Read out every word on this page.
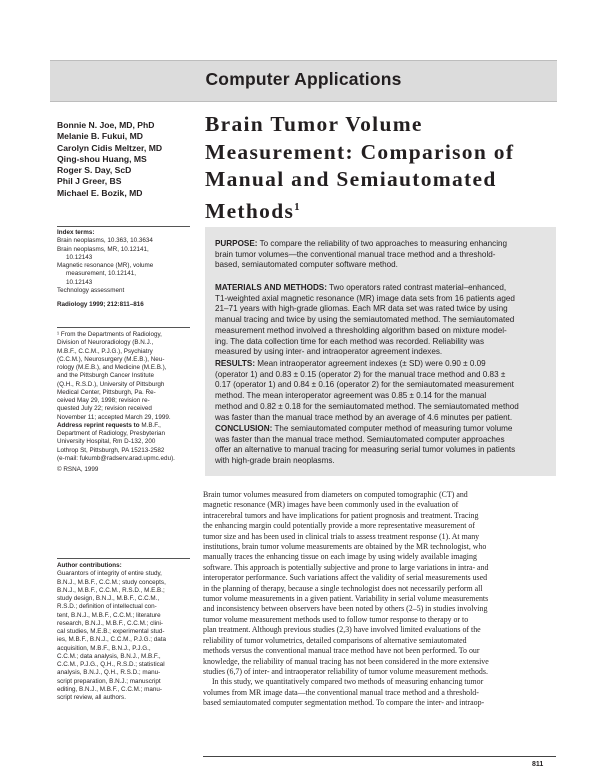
Computer Applications
Bonnie N. Joe, MD, PhD
Melanie B. Fukui, MD
Carolyn Cidis Meltzer, MD
Qing-shou Huang, MS
Roger S. Day, ScD
Phil J Greer, BS
Michael E. Bozik, MD
Brain Tumor Volume
Measurement: Comparison of
Manual and Semiautomated
Methods$^1$
Index terms:
Brain neoplasms, 10.363, 10.3634
Brain neoplasms, MR, 10.12141,
10.12143
Magnetic resonance (MR), volume
measurement, 10.12141,
10.12143
Technology assessment
Radiology 1999; 212:811–816
¹ From the Departments of Radiology,
Division of Neuroradiology (B.N.J.,
M.B.F., C.C.M., P.J.G.), Psychiatry
(C.C.M.), Neurosurgery (M.E.B.), Neu-
rology (M.E.B.), and Medicine (M.E.B.),
and the Pittsburgh Cancer Institute
(Q.H., R.S.D.), University of Pittsburgh
Medical Center, Pittsburgh, Pa. Re-
ceived May 29, 1998; revision re-
quested July 22; revision received
November 11; accepted March 29, 1999.
Address reprint requests to M.B.F.,
Department of Radiology, Presbyterian
University Hospital, Rm D-132, 200
Lothrop St, Pittsburgh, PA 15213-2582
(e-mail: fukumb@radserv.arad.upmc.edu).
© RSNA, 1999
Author contributions:
Guarantors of integrity of entire study,
B.N.J., M.B.F., C.C.M.; study concepts,
B.N.J., M.B.F., C.C.M., R.S.D., M.E.B.;
study design, B.N.J., M.B.F., C.C.M.,
R.S.D.; definition of intellectual con-
tent, B.N.J., M.B.F., C.C.M.; literature
research, B.N.J., M.B.F., C.C.M.; clini-
cal studies, M.E.B.; experimental stud-
ies, M.B.F., B.N.J., C.C.M., P.J.G.; data
acquisition, M.B.F., B.N.J., P.J.G.,
C.C.M.; data analysis, B.N.J., M.B.F.,
C.C.M., P.J.G., Q.H., R.S.D.; statistical
analysis, B.N.J., Q.H., R.S.D.; manu-
script preparation, B.N.J.; manuscript
editing, B.N.J., M.B.F., C.C.M.; manu-
script review, all authors.
PURPOSE: To compare the reliability of two approaches to measuring enhancing
brain tumor volumes—the conventional manual trace method and a threshold-
based, semiautomated computer software method.
MATERIALS AND METHODS: Two operators rated contrast material–enhanced,
T1-weighted axial magnetic resonance (MR) image data sets from 16 patients aged
21–71 years with high-grade gliomas. Each MR data set was rated twice by using
manual tracing and twice by using the semiautomated method. The semiautomated
measurement method involved a thresholding algorithm based on mixture model-
ing. The data collection time for each method was recorded. Reliability was
measured by using inter- and intraoperator agreement indexes.
RESULTS: Mean intraoperator agreement indexes (± SD) were 0.90 ± 0.09
(operator 1) and 0.83 ± 0.15 (operator 2) for the manual trace method and 0.83 ±
0.17 (operator 1) and 0.84 ± 0.16 (operator 2) for the semiautomated measurement
method. The mean interoperator agreement was 0.85 ± 0.14 for the manual
method and 0.82 ± 0.18 for the semiautomated method. The semiautomated method
was faster than the manual trace method by an average of 4.6 minutes per patient.
CONCLUSION: The semiautomated computer method of measuring tumor volume
was faster than the manual trace method. Semiautomated computer approaches
offer an alternative to manual tracing for measuring serial tumor volumes in patients
with high-grade brain neoplasms.
Brain tumor volumes measured from diameters on computed tomographic (CT) and
magnetic resonance (MR) images have been commonly used in the evaluation of
intracerebral tumors and have implications for patient prognosis and treatment. Tracing
the enhancing margin could potentially provide a more representative measurement of
tumor size and has been used in clinical trials to assess treatment response (1). At many
institutions, brain tumor volume measurements are obtained by the MR technologist, who
manually traces the enhancing tissue on each image by using widely available imaging
software. This approach is potentially subjective and prone to large variations in intra- and
interoperator performance. Such variations affect the validity of serial measurements used
in the planning of therapy, because a single technologist does not necessarily perform all
tumor volume measurements in a given patient. Variability in serial volume measurements
and inconsistency between observers have been noted by others (2–5) in studies involving
tumor volume measurement methods used to follow tumor response to therapy or to
plan treatment. Although previous studies (2,3) have involved limited evaluations of the
reliability of tumor volumetrics, detailed comparisons of alternative semiautomated
methods versus the conventional manual trace method have not been performed. To our
knowledge, the reliability of manual tracing has not been considered in the more extensive
studies (6,7) of inter- and intraoperator reliability of tumor volume measurement methods.
In this study, we quantitatively compared two methods of measuring enhancing tumor
volumes from MR image data—the conventional manual trace method and a threshold-
based semiautomated computer segmentation method. To compare the inter- and intraop-
811
